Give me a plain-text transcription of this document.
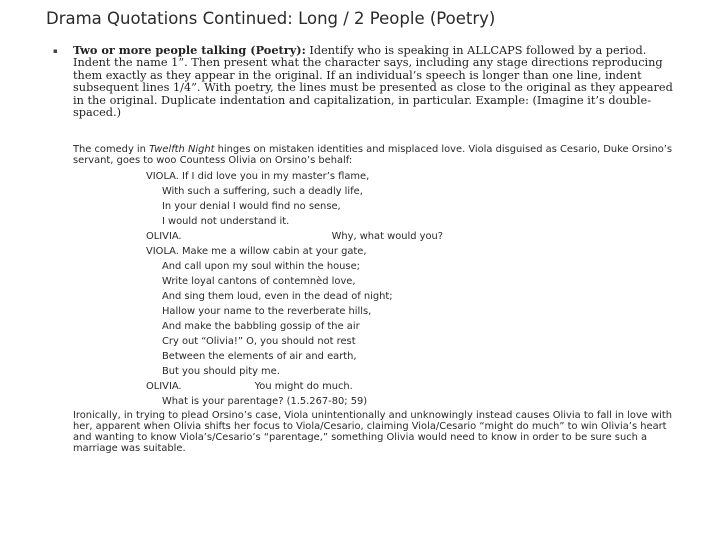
Drama Quotations Continued: Long / 2 People (Poetry)
▪ Two or more people talking (Poetry): Identify who is speaking in ALLCAPS followed by a period. Indent the name 1”. Then present what the character says, including any stage directions reproducing them exactly as they appear in the original. If an individual’s speech is longer than one line, indent subsequent lines 1/4”. With poetry, the lines must be presented as close to the original as they appeared in the original. Duplicate indentation and capitalization, in particular. Example: (Imagine it’s double-spaced.)

The comedy in Twelfth Night hinges on mistaken identities and misplaced love. Viola disguised as Cesario, Duke Orsino’s servant, goes to woo Countess Olivia on Orsino’s behalf:

VIOLA. If I did love you in my master’s flame,
With such a suffering, such a deadly life,
In your denial I would find no sense,
I would not understand it.
OLIVIA.	Why, what would you?
VIOLA. Make me a willow cabin at your gate,
And call upon my soul within the house;
Write loyal cantons of contemnèd love,
And sing them loud, even in the dead of night;
Hallow your name to the reverberate hills,
And make the babbling gossip of the air
Cry out “Olivia!” O, you should not rest
Between the elements of air and earth,
But you should pity me.
OLIVIA.	You might do much.
What is your parentage? (1.5.267-80; 59)

Ironically, in trying to plead Orsino’s case, Viola unintentionally and unknowingly instead causes Olivia to fall in love with her, apparent when Olivia shifts her focus to Viola/Cesario, claiming Viola/Cesario “might do much” to win Olivia’s heart and wanting to know Viola’s/Cesario’s “parentage,” something Olivia would need to know in order to be sure such a marriage was suitable.
